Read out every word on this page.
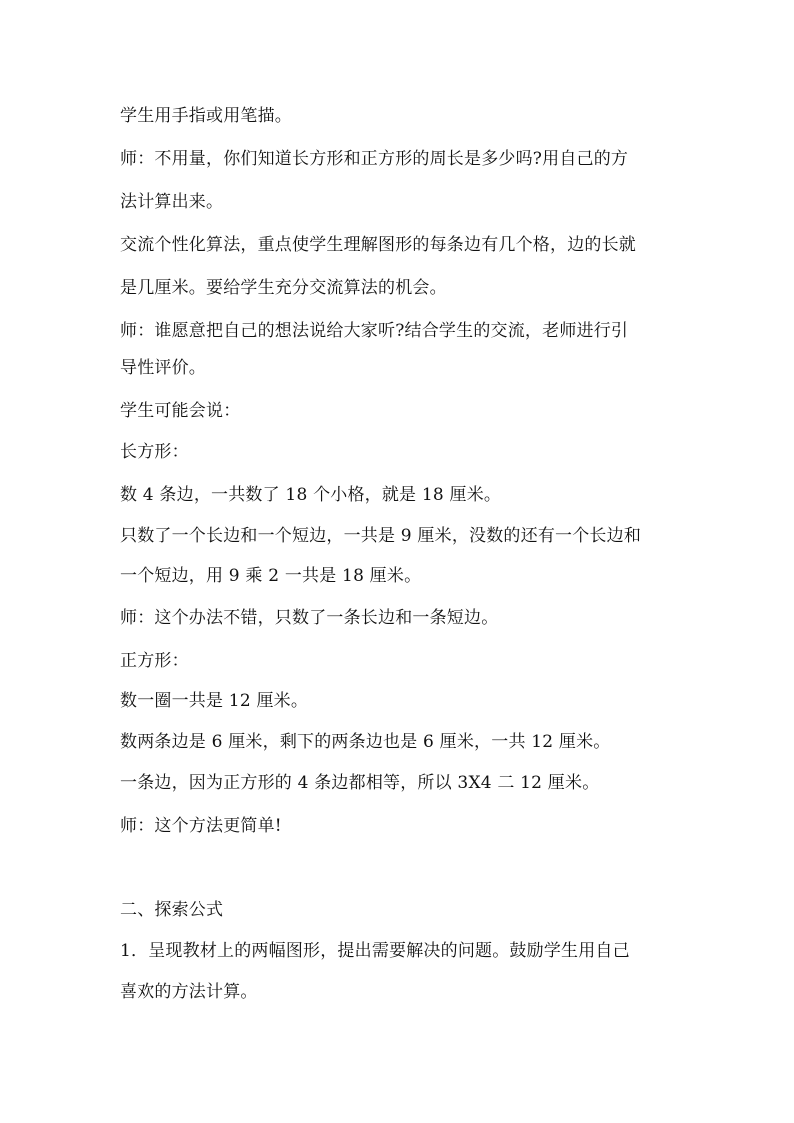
学生用手指或用笔描。
师：不用量，你们知道长方形和正方形的周长是多少吗?用自己的方
法计算出来。
交流个性化算法，重点使学生理解图形的每条边有几个格，边的长就
是几厘米。要给学生充分交流算法的机会。
师：谁愿意把自己的想法说给大家听?结合学生的交流，老师进行引
导性评价。
学生可能会说：
长方形：
数 4 条边，一共数了 18 个小格，就是 18 厘米。
只数了一个长边和一个短边，一共是 9 厘米，没数的还有一个长边和
一个短边，用 9 乘 2 一共是 18 厘米。
师：这个办法不错，只数了一条长边和一条短边。
正方形：
数一圈一共是 12 厘米。
数两条边是 6 厘米，剩下的两条边也是 6 厘米，一共 12 厘米。
一条边，因为正方形的 4 条边都相等，所以 3X4 二 12 厘米。
师：这个方法更简单!
二、探索公式
1．呈现教材上的两幅图形，提出需要解决的问题。鼓励学生用自己
喜欢的方法计算。
